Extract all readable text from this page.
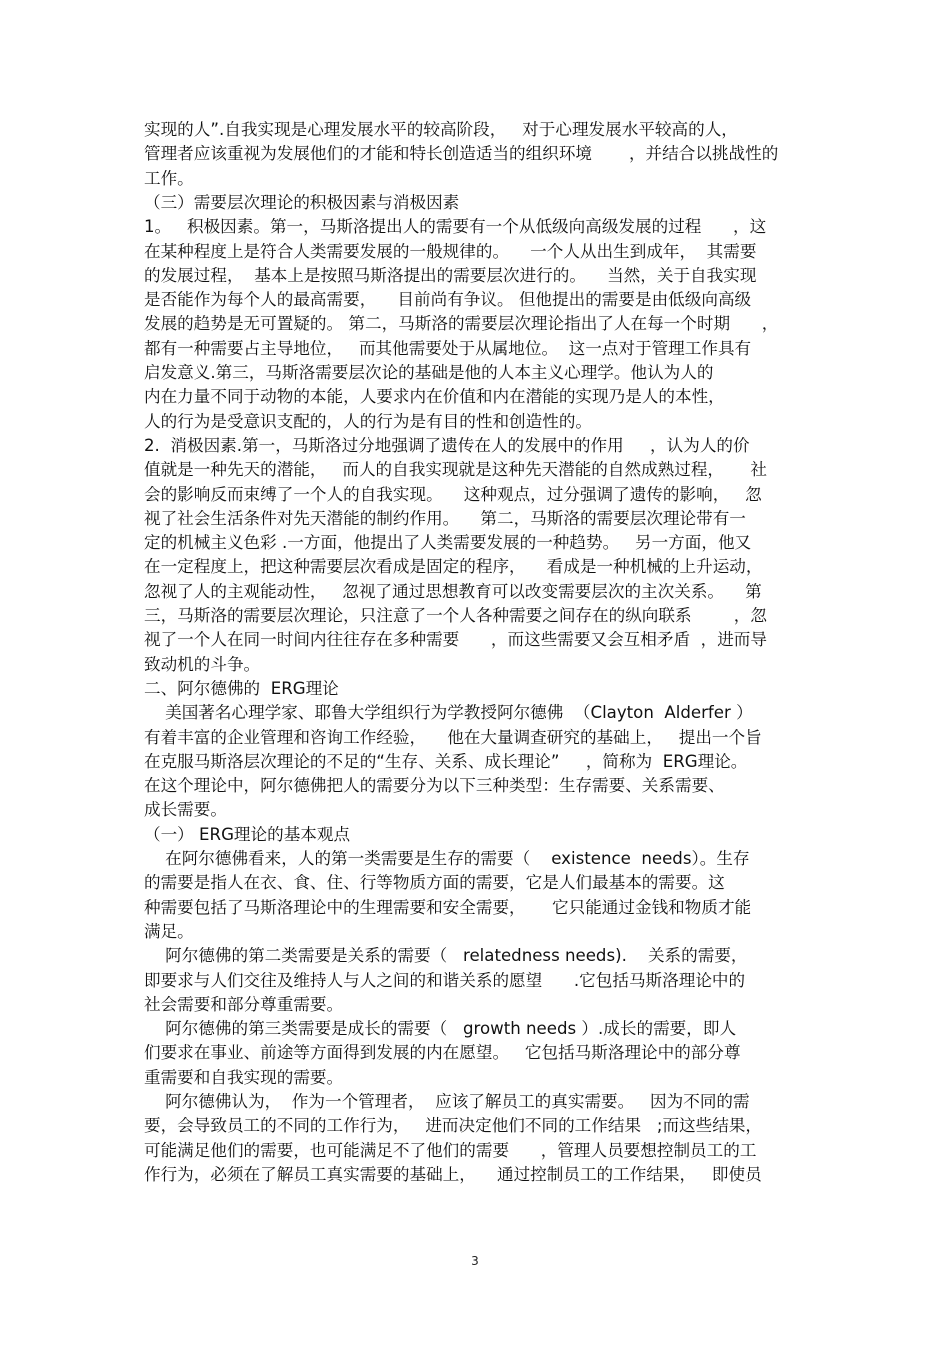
实现的人”.自我实现是心理发展水平的较高阶段，   对于心理发展水平较高的人，
管理者应该重视为发展他们的才能和特长创造适当的组织环境       ，并结合以挑战性的
工作。
（三）需要层次理论的积极因素与消极因素
1。   积极因素。第一，马斯洛提出人的需要有一个从低级向高级发展的过程      ，这
在某种程度上是符合人类需要发展的一般规律的。    一个人从出生到成年，  其需要
的发展过程，  基本上是按照马斯洛提出的需要层次进行的。    当然，关于自我实现
是否能作为每个人的最高需要，    目前尚有争议。 但他提出的需要是由低级向高级
发展的趋势是无可置疑的。 第二，马斯洛的需要层次理论指出了人在每一个时期      ，
都有一种需要占主导地位，   而其他需要处于从属地位。  这一点对于管理工作具有
启发意义.第三，马斯洛需要层次论的基础是他的人本主义心理学。他认为人的
内在力量不同于动物的本能，人要求内在价值和内在潜能的实现乃是人的本性，
人的行为是受意识支配的，人的行为是有目的性和创造性的。
2.  消极因素.第一，马斯洛过分地强调了遗传在人的发展中的作用     ，认为人的价
值就是一种先天的潜能，   而人的自我实现就是这种先天潜能的自然成熟过程，     社
会的影响反而束缚了一个人的自我实现。    这种观点，过分强调了遗传的影响，   忽
视了社会生活条件对先天潜能的制约作用。    第二，马斯洛的需要层次理论带有一
定的机械主义色彩 .一方面，他提出了人类需要发展的一种趋势。   另一方面，他又
在一定程度上，把这种需要层次看成是固定的程序，    看成是一种机械的上升运动，
忽视了人的主观能动性，   忽视了通过思想教育可以改变需要层次的主次关系。    第
三，马斯洛的需要层次理论，只注意了一个人各种需要之间存在的纵向联系        ，忽
视了一个人在同一时间内往往存在多种需要      ，而这些需要又会互相矛盾  ，进而导
致动机的斗争。
二、阿尔德佛的  ERG理论
美国著名心理学家、耶鲁大学组织行为学教授阿尔德佛  （Clayton  Alderfer ）
有着丰富的企业管理和咨询工作经验，    他在大量调查研究的基础上，   提出一个旨
在克服马斯洛层次理论的不足的“生存、关系、成长理论”     ，简称为  ERG理论。
在这个理论中，阿尔德佛把人的需要分为以下三种类型：生存需要、关系需要、
成长需要。
（一） ERG理论的基本观点
在阿尔德佛看来，人的第一类需要是生存的需要（    existence  needs）。生存
的需要是指人在衣、食、住、行等物质方面的需要，它是人们最基本的需要。这
种需要包括了马斯洛理论中的生理需要和安全需要，     它只能通过金钱和物质才能
满足。
阿尔德佛的第二类需要是关系的需要（   relatedness needs).    关系的需要，
即要求与人们交往及维持人与人之间的和谐关系的愿望      .它包括马斯洛理论中的
社会需要和部分尊重需要。
阿尔德佛的第三类需要是成长的需要（   growth needs ）.成长的需要，即人
们要求在事业、前途等方面得到发展的内在愿望。   它包括马斯洛理论中的部分尊
重需要和自我实现的需要。
阿尔德佛认为，  作为一个管理者，  应该了解员工的真实需要。   因为不同的需
要，会导致员工的不同的工作行为，   进而决定他们不同的工作结果   ;而这些结果，
可能满足他们的需要，也可能满足不了他们的需要      ，管理人员要想控制员工的工
作行为，必须在了解员工真实需要的基础上，    通过控制员工的工作结果，   即使员
3
